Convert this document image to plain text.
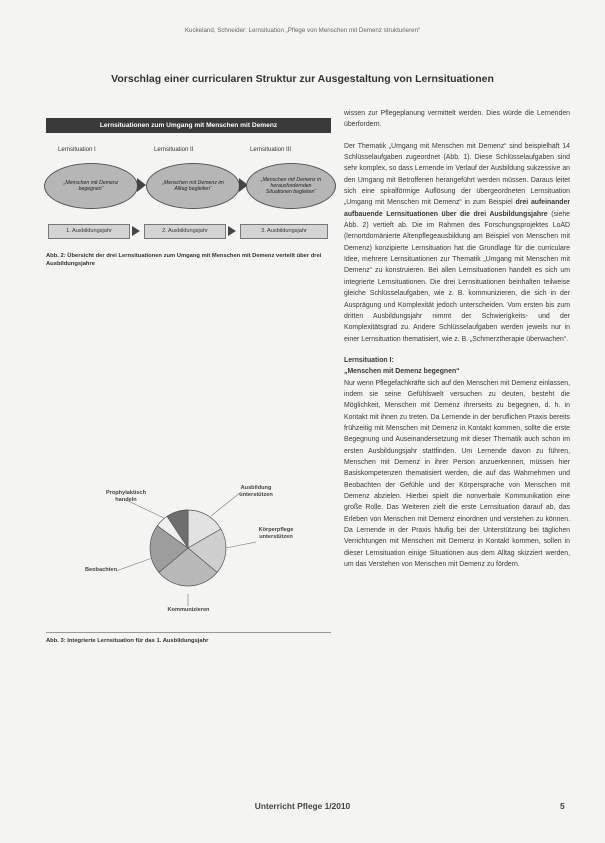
Kuckeland, Schneider: Lernsituation „Pflege von Menschen mit Demenz strukturieren“
Vorschlag einer curricularen Struktur zur Ausgestaltung von Lernsituationen
Lernsituationen zum Umgang mit Menschen mit Demenz
Lernsituation I	Lernsituation II	Lernsituation III
„Menschen mit Demenz begegnen“
„Menschen mit Demenz im Alltag begleiten“
„Menschen mit Demenz in herausfordernden Situationen begleiten“
1. Ausbildungsjahr	2. Ausbildungsjahr	3. Ausbildungsjahr
Abb. 2: Übersicht der drei Lernsituationen zum Umgang mit Menschen mit Demenz verteilt über drei Ausbildungsjahre
Prophylaktisch handeln
Ausbildung unterstützen
Körperpflege unterstützen
Beobachten
Kommunizieren
Abb. 3: Integrierte Lernsituation für das 1. Ausbildungsjahr

wissen zur Pflegeplanung vermittelt werden. Dies würde die Lernenden überfordern.

Der Thematik „Umgang mit Menschen mit Demenz“ sind beispielhaft 14 Schlüsselaufgaben zugeordnet (Abb. 1). Diese Schlüsselaufgaben sind sehr komplex, so dass Lernende im Verlauf der Ausbildung sukzessive an den Umgang mit Betroffenen herangeführt werden müssen. Daraus leitet sich eine spiralförmige Auflösung der übergeordneten Lernsituation „Umgang mit Menschen mit Demenz“ in zum Beispiel drei aufeinander aufbauende Lernsituationen über die drei Ausbildungsjahre (siehe Abb. 2) vertieft ab. Die im Rahmen des Forschungsprojektes LoAD (lernortdomänierte Altenpflegeausbildung am Beispiel von Menschen mit Demenz) konzipierte Lernsituation hat die Grundlage für die curriculare Idee, mehrere Lernsituationen zur Thematik „Umgang mit Menschen mit Demenz“ zu konstruieren. Bei allen Lernsituationen handelt es sich um integrierte Lernsituationen. Die drei Lernsituationen beinhalten teilweise gleiche Schlüsselaufgaben, wie z. B. kommunizieren, die sich in der Ausprägung und Komplexität jedoch unterscheiden. Vom ersten bis zum dritten Ausbildungsjahr nimmt der Schwierigkeits- und der Komplexitätsgrad zu. Andere Schlüsselaufgaben werden jeweils nur in einer Lernsituation thematisiert, wie z. B. „Schmerztherapie überwachen“.

Lernsituation I:

„Menschen mit Demenz begegnen“

Nur wenn Pflegefachkräfte sich auf den Menschen mit Demenz einlassen, indem sie seine Gefühlswelt versuchen zu deuten, besteht die Möglichkeit, Menschen mit Demenz ihrerseits zu begegnen, d. h. in Kontakt mit ihnen zu treten. Da Lernende in der beruflichen Praxis bereits frühzeitig mit Menschen mit Demenz in Kontakt kommen, sollte die erste Begegnung und Auseinandersetzung mit dieser Thematik auch schon im ersten Ausbildungsjahr stattfinden. Um Lernende davon zu führen, Menschen mit Demenz in ihrer Person anzuerkennen, müssen hier Basiskompetenzen thematisiert werden, die auf das Wahrnehmen und Beobachten der Gefühle und der Körpersprache von Menschen mit Demenz abzielen. Hierbei spielt die nonverbale Kommunikation eine große Rolle. Das Weiteren zielt die erste Lernsituation darauf ab, das Erleben von Menschen mit Demenz einordnen und verstehen zu können. Da Lernende in der Praxis häufig bei der Unterstützung bei täglichen Verrichtungen mit Menschen mit Demenz in Kontakt kommen, sollen in dieser Lernsituation einige Situationen aus dem Alltag skizziert werden, um das Verstehen von Menschen mit Demenz zu fördern.

Unterricht Pflege 1/2010	5
